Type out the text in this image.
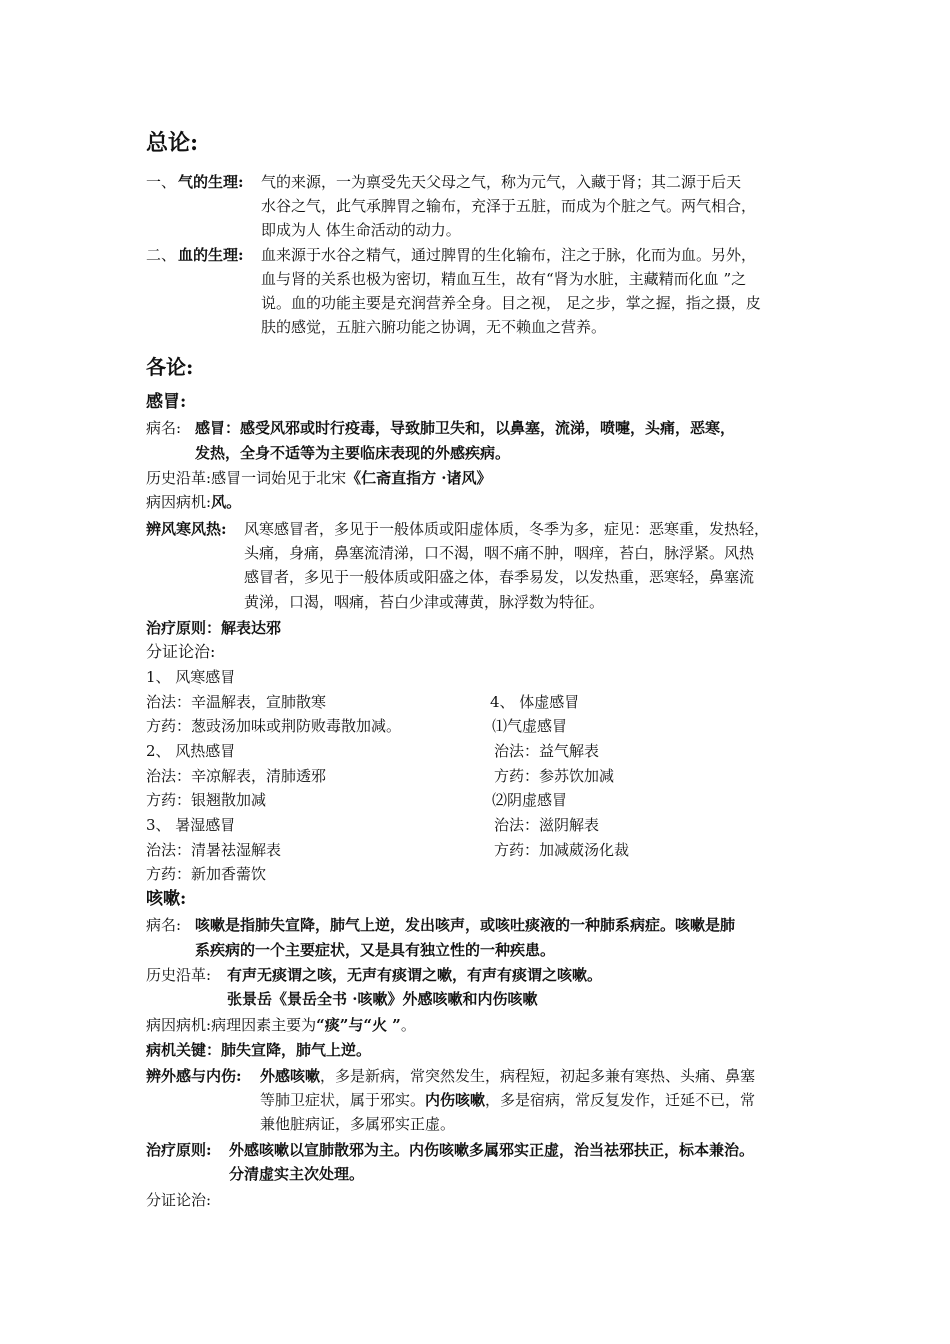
总论:
一、 气的生理: 气的来源，一为禀受先天父母之气，称为元气，入藏于肾；其二源于后天
水谷之气，此气承脾胃之输布，充泽于五脏，而成为个脏之气。两气相合，
即成为人 体生命活动的动力。
二、 血的生理: 血来源于水谷之精气，通过脾胃的生化输布，注之于脉，化而为血。另外，
血与肾的关系也极为密切，精血互生，故有“肾为水脏，主藏精而化血 ”之
说。血的功能主要是充润营养全身。目之视， 足之步，掌之握，指之摄，皮
肤的感觉，五脏六腑功能之协调，无不赖血之营养。
各论:
感冒:
病名: 感冒：感受风邪或时行疫毒，导致肺卫失和，以鼻塞，流涕，喷嚏，头痛，恶寒，
发热，全身不适等为主要临床表现的外感疾病。
历史沿革:感冒一词始见于北宋《仁斋直指方 ·诸风》
病因病机:风。
辨风寒风热: 风寒感冒者，多见于一般体质或阳虚体质，冬季为多，症见：恶寒重，发热轻，
头痛，身痛，鼻塞流清涕，口不渴，咽不痛不肿，咽痒，苔白，脉浮紧。风热
感冒者，多见于一般体质或阳盛之体，春季易发，以发热重，恶寒轻，鼻塞流
黄涕，口渴，咽痛，苔白少津或薄黄，脉浮数为特征。
治疗原则：解表达邪
分证论治:
1、 风寒感冒
治法：辛温解表，宣肺散寒
方药：葱豉汤加味或荆防败毒散加减。
2、 风热感冒
治法：辛凉解表，清肺透邪
方药：银翘散加减
3、 暑湿感冒
治法：清暑祛湿解表
方药：新加香薷饮
4、 体虚感冒
⑴气虚感冒
治法：益气解表
方药：参苏饮加减
⑵阴虚感冒
治法：滋阴解表
方药：加减葳汤化裁
咳嗽:
病名: 咳嗽是指肺失宣降，肺气上逆，发出咳声，或咳吐痰液的一种肺系病症。咳嗽是肺
系疾病的一个主要症状，又是具有独立性的一种疾患。
历史沿革: 有声无痰谓之咳，无声有痰谓之嗽，有声有痰谓之咳嗽。
张景岳《景岳全书 ·咳嗽》外感咳嗽和内伤咳嗽
病因病机:病理因素主要为“痰”与“火 ”。
病机关键：肺失宣降，肺气上逆。
辨外感与内伤: 外感咳嗽，多是新病，常突然发生，病程短，初起多兼有寒热、头痛、鼻塞
等肺卫症状，属于邪实。内伤咳嗽，多是宿病，常反复发作，迁延不已，常
兼他脏病证，多属邪实正虚。
治疗原则: 外感咳嗽以宣肺散邪为主。内伤咳嗽多属邪实正虚，治当祛邪扶正，标本兼治。
分清虚实主次处理。
分证论治:
